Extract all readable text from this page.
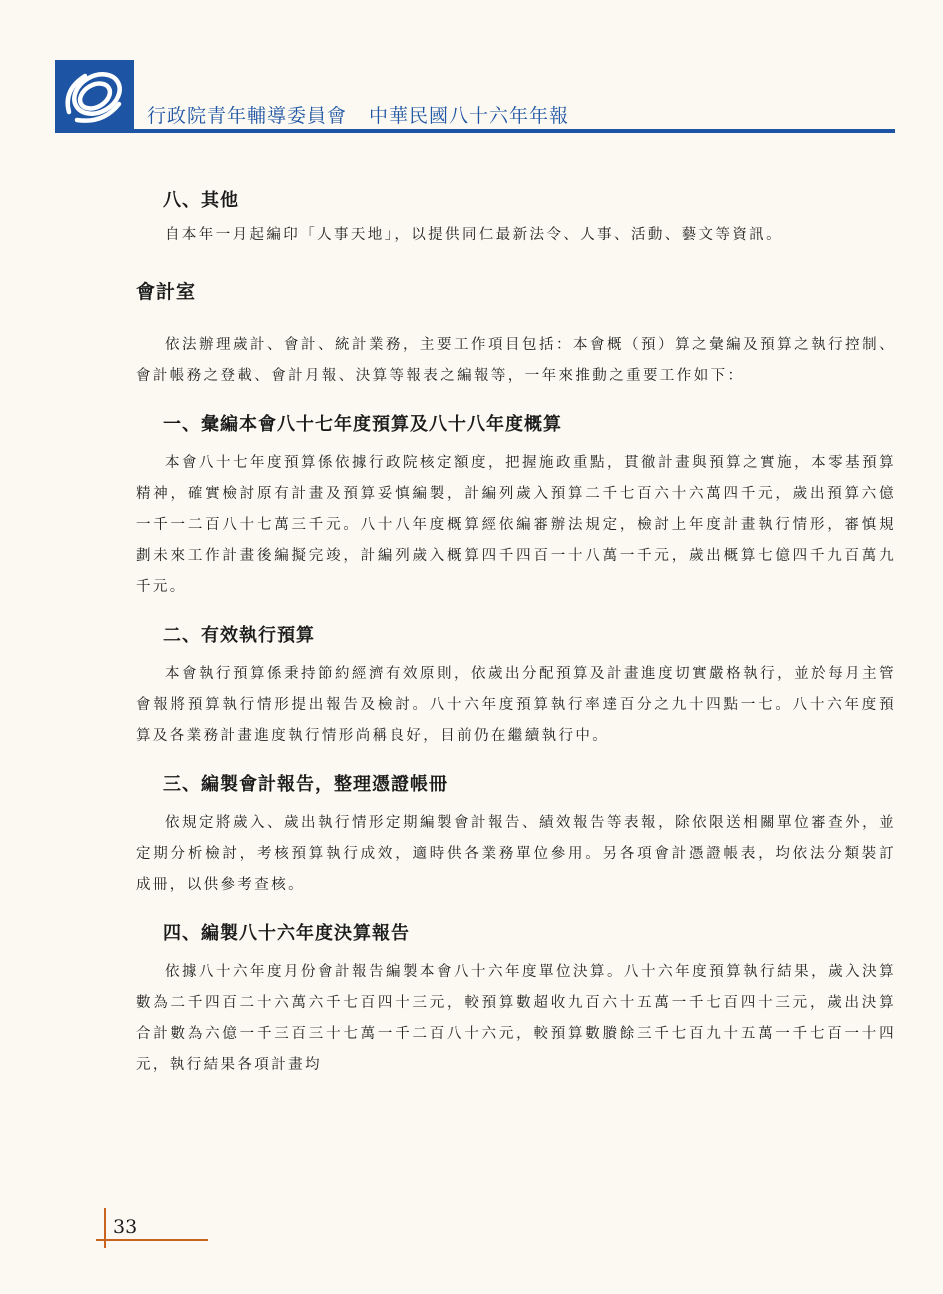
行政院青年輔導委員會 中華民國八十六年年報
八、其他

自本年一月起編印「人事天地」，以提供同仁最新法令、人事、活動、藝文等資訊。

會計室

依法辦理歲計、會計、統計業務，主要工作項目包括：本會概（預）算之彙編及預算之執行控制、會計帳務之登載、會計月報、決算等報表之編報等，一年來推動之重要工作如下：

一、彙編本會八十七年度預算及八十八年度概算

本會八十七年度預算係依據行政院核定額度，把握施政重點，貫徹計畫與預算之實施，本零基預算精神，確實檢討原有計畫及預算妥慎編製，計編列歲入預算二千七百六十六萬四千元，歲出預算六億一千一二百八十七萬三千元。八十八年度概算經依編審辦法規定，檢討上年度計畫執行情形，審慎規劃未來工作計畫後編擬完竣，計編列歲入概算四千四百一十八萬一千元，歲出概算七億四千九百萬九千元。

二、有效執行預算

本會執行預算係秉持節約經濟有效原則，依歲出分配預算及計畫進度切實嚴格執行，並於每月主管會報將預算執行情形提出報告及檢討。八十六年度預算執行率達百分之九十四點一七。八十六年度預算及各業務計畫進度執行情形尚稱良好，目前仍在繼續執行中。

三、編製會計報告，整理憑證帳冊

依規定將歲入、歲出執行情形定期編製會計報告、績效報告等表報，除依限送相關單位審查外，並定期分析檢討，考核預算執行成效，適時供各業務單位參用。另各項會計憑證帳表，均依法分類裝訂成冊，以供參考查核。

四、編製八十六年度決算報告

依據八十六年度月份會計報告編製本會八十六年度單位決算。八十六年度預算執行結果，歲入決算數為二千四百二十六萬六千七百四十三元，較預算數超收九百六十五萬一千七百四十三元，歲出決算合計數為六億一千三百三十七萬一千二百八十六元，較預算數賸餘三千七百九十五萬一千七百一十四元，執行結果各項計畫均

33
